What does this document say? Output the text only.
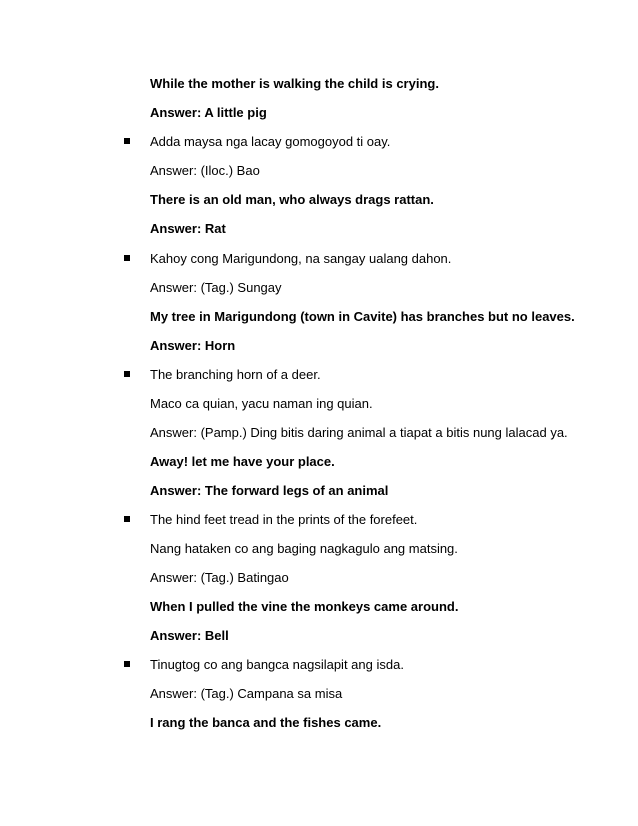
While the mother is walking the child is crying.
Answer: A little pig
Adda maysa nga lacay gomogoyod ti oay.
Answer: (Iloc.) Bao
There is an old man, who always drags rattan.
Answer: Rat
Kahoy cong Marigundong, na sangay ualang dahon.
Answer: (Tag.) Sungay
My tree in Marigundong (town in Cavite) has branches but no leaves.
Answer: Horn
The branching horn of a deer.
Maco ca quian, yacu naman ing quian.
Answer: (Pamp.) Ding bitis daring animal a tiapat a bitis nung lalacad ya.
Away! let me have your place.
Answer: The forward legs of an animal
The hind feet tread in the prints of the forefeet.
Nang hataken co ang baging nagkagulo ang matsing.
Answer: (Tag.) Batingao
When I pulled the vine the monkeys came around.
Answer: Bell
Tinugtog co ang bangca nagsilapit ang isda.
Answer: (Tag.) Campana sa misa
I rang the banca and the fishes came.
